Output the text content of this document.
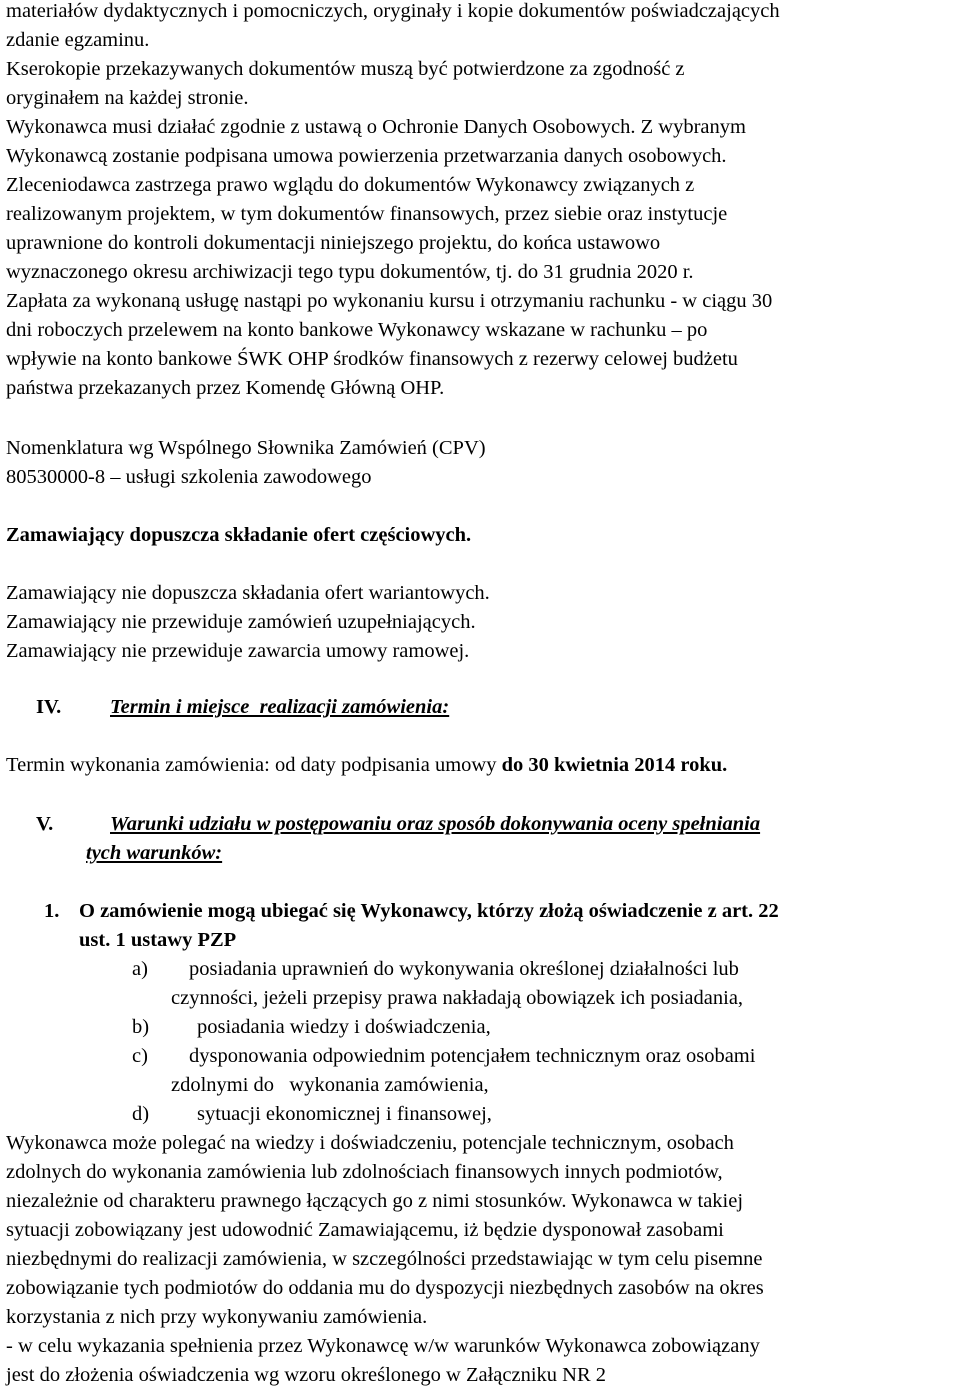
materiałów dydaktycznych i pomocniczych, oryginały i kopie dokumentów poświadczających
zdanie egzaminu.
Kserokopie przekazywanych dokumentów muszą być potwierdzone za zgodność z
oryginałem na każdej stronie.
Wykonawca musi działać zgodnie z ustawą o Ochronie Danych Osobowych. Z wybranym
Wykonawcą zostanie podpisana umowa powierzenia przetwarzania danych osobowych.
Zleceniodawca zastrzega prawo wglądu do dokumentów Wykonawcy związanych z
realizowanym projektem, w tym dokumentów finansowych, przez siebie oraz instytucje
uprawnione do kontroli dokumentacji niniejszego projektu, do końca ustawowo
wyznaczonego okresu archiwizacji tego typu dokumentów, tj. do 31 grudnia 2020 r.
Zapłata za wykonaną usługę nastąpi po wykonaniu kursu i otrzymaniu rachunku - w ciągu 30
dni roboczych przelewem na konto bankowe Wykonawcy wskazane w rachunku – po
wpływie na konto bankowe ŚWK OHP środków finansowych z rezerwy celowej budżetu
państwa przekazanych przez Komendę Główną OHP.
Nomenklatura wg Wspólnego Słownika Zamówień (CPV)
80530000-8 – usługi szkolenia zawodowego
Zamawiający dopuszcza składanie ofert częściowych.
Zamawiający nie dopuszcza składania ofert wariantowych.
Zamawiający nie przewiduje zamówień uzupełniających.
Zamawiający nie przewiduje zawarcia umowy ramowej.
IV. Termin i miejsce  realizacji zamówienia:
Termin wykonania zamówienia: od daty podpisania umowy do 30 kwietnia 2014 roku.
V.	Warunki udziału w postępowaniu oraz sposób dokonywania oceny spełniania
tych warunków:
1. O zamówienie mogą ubiegać się Wykonawcy, którzy złożą oświadczenie z art. 22
ust. 1 ustawy PZP
a) posiadania uprawnień do wykonywania określonej działalności lub
czynności, jeżeli przepisy prawa nakładają obowiązek ich posiadania,
b) posiadania wiedzy i doświadczenia,
c) dysponowania odpowiednim potencjałem technicznym oraz osobami
zdolnymi do   wykonania zamówienia,
d) sytuacji ekonomicznej i finansowej,
Wykonawca może polegać na wiedzy i doświadczeniu, potencjale technicznym, osobach
zdolnych do wykonania zamówienia lub zdolnościach finansowych innych podmiotów,
niezależnie od charakteru prawnego łączących go z nimi stosunków. Wykonawca w takiej
sytuacji zobowiązany jest udowodnić Zamawiającemu, iż będzie dysponował zasobami
niezbędnymi do realizacji zamówienia, w szczególności przedstawiając w tym celu pisemne
zobowiązanie tych podmiotów do oddania mu do dyspozycji niezbędnych zasobów na okres
korzystania z nich przy wykonywaniu zamówienia.
- w celu wykazania spełnienia przez Wykonawcę w/w warunków Wykonawca zobowiązany
jest do złożenia oświadczenia wg wzoru określonego w Załączniku NR 2
